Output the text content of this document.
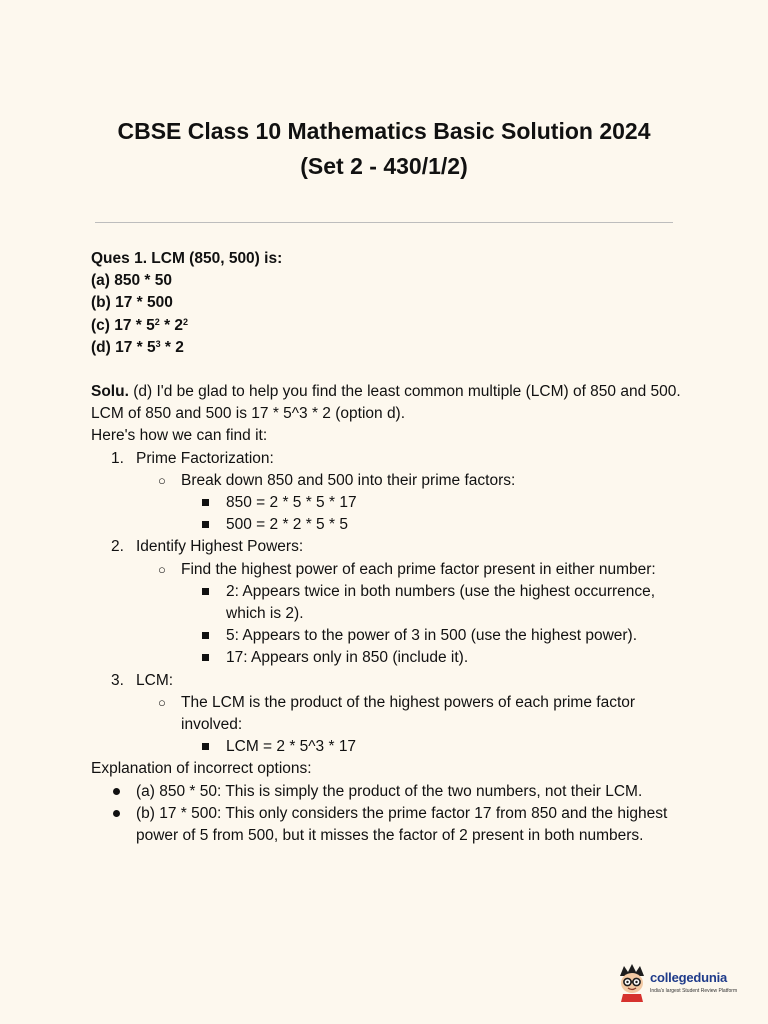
CBSE Class 10 Mathematics Basic Solution 2024
(Set 2 - 430/1/2)

Ques 1. LCM (850, 500) is:

(a) 850 * 50

(b) 17 * 500

(c) $17 * 5^2 * 2^2$

(d) $17 * 5^3 * 2$

Solu. (d) I'd be glad to help you find the least common multiple (LCM) of 850 and 500.

LCM of 850 and 500 is 17 * 5^3 * 2 (option d).

Here's how we can find it:

1. Prime Factorization:
○ Break down 850 and 500 into their prime factors:
850 = 2 * 5 * 5 * 17
500 = 2 * 2 * 5 * 5
2. Identify Highest Powers:
○ Find the highest power of each prime factor present in either number:
2: Appears twice in both numbers (use the highest occurrence, which is 2).
5: Appears to the power of 3 in 500 (use the highest power).
17: Appears only in 850 (include it).
3. LCM:
○ The LCM is the product of the highest powers of each prime factor involved:
LCM = 2 * 5^3 * 17

Explanation of incorrect options:

(a) 850 * 50: This is simply the product of the two numbers, not their LCM.
(b) 17 * 500: This only considers the prime factor 17 from 850 and the highest power of 5 from 500, but it misses the factor of 2 present in both numbers.
collegedunia
India's largest Student Review Platform
